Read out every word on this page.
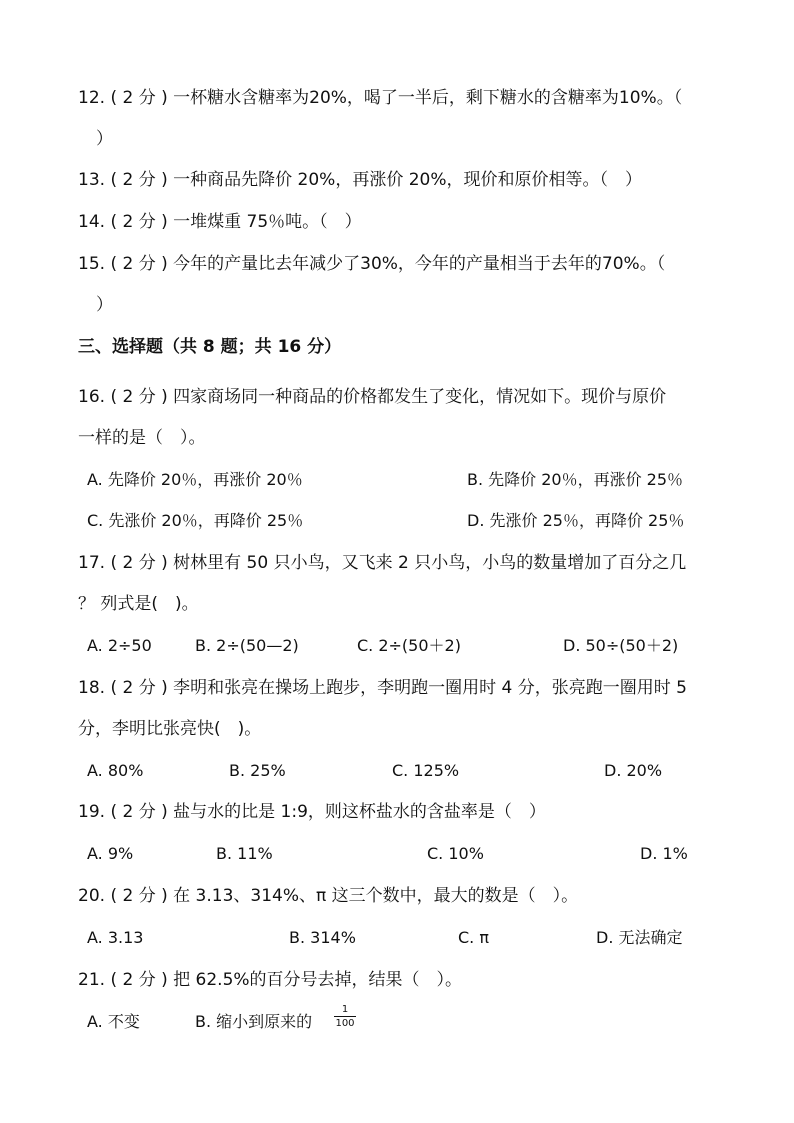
12. ( 2 分 ) 一杯糖水含糖率为20%，喝了一半后，剩下糖水的含糖率为10%。（
）
13. ( 2 分 ) 一种商品先降价 20%，再涨价 20%，现价和原价相等。（　）
14. ( 2 分 ) 一堆煤重 75％吨。（　）
15. ( 2 分 ) 今年的产量比去年减少了30%，今年的产量相当于去年的70%。（
）
三、选择题（共 8 题；共 16 分）
16. ( 2 分 ) 四家商场同一种商品的价格都发生了变化，情况如下。现价与原价
一样的是（　）。
A. 先降价 20％，再涨价 20％	B. 先降价 20％，再涨价 25％
C. 先涨价 20％，再降价 25％	D. 先涨价 25％，再降价 25％
17. ( 2 分 ) 树林里有 50 只小鸟，又飞来 2 只小鸟，小鸟的数量增加了百分之几
？ 列式是(　)。
A. 2÷50	B. 2÷(50—2)	C. 2÷(50＋2)	D. 50÷(50＋2)
18. ( 2 分 ) 李明和张亮在操场上跑步，李明跑一圈用时 4 分，张亮跑一圈用时 5
分，李明比张亮快(　)。
A. 80%	B. 25%	C. 125%	D. 20%
19. ( 2 分 ) 盐与水的比是 1:9，则这杯盐水的含盐率是（　）
A. 9%	B. 11%	C. 10%	D. 1%
20. ( 2 分 ) 在 3.13、314%、π 这三个数中，最大的数是（　）。
A. 3.13	B. 314%	C. π	D. 无法确定
21. ( 2 分 ) 把 62.5%的百分号去掉，结果（　）。
A. 不变	B. 缩小到原来的
1
100
